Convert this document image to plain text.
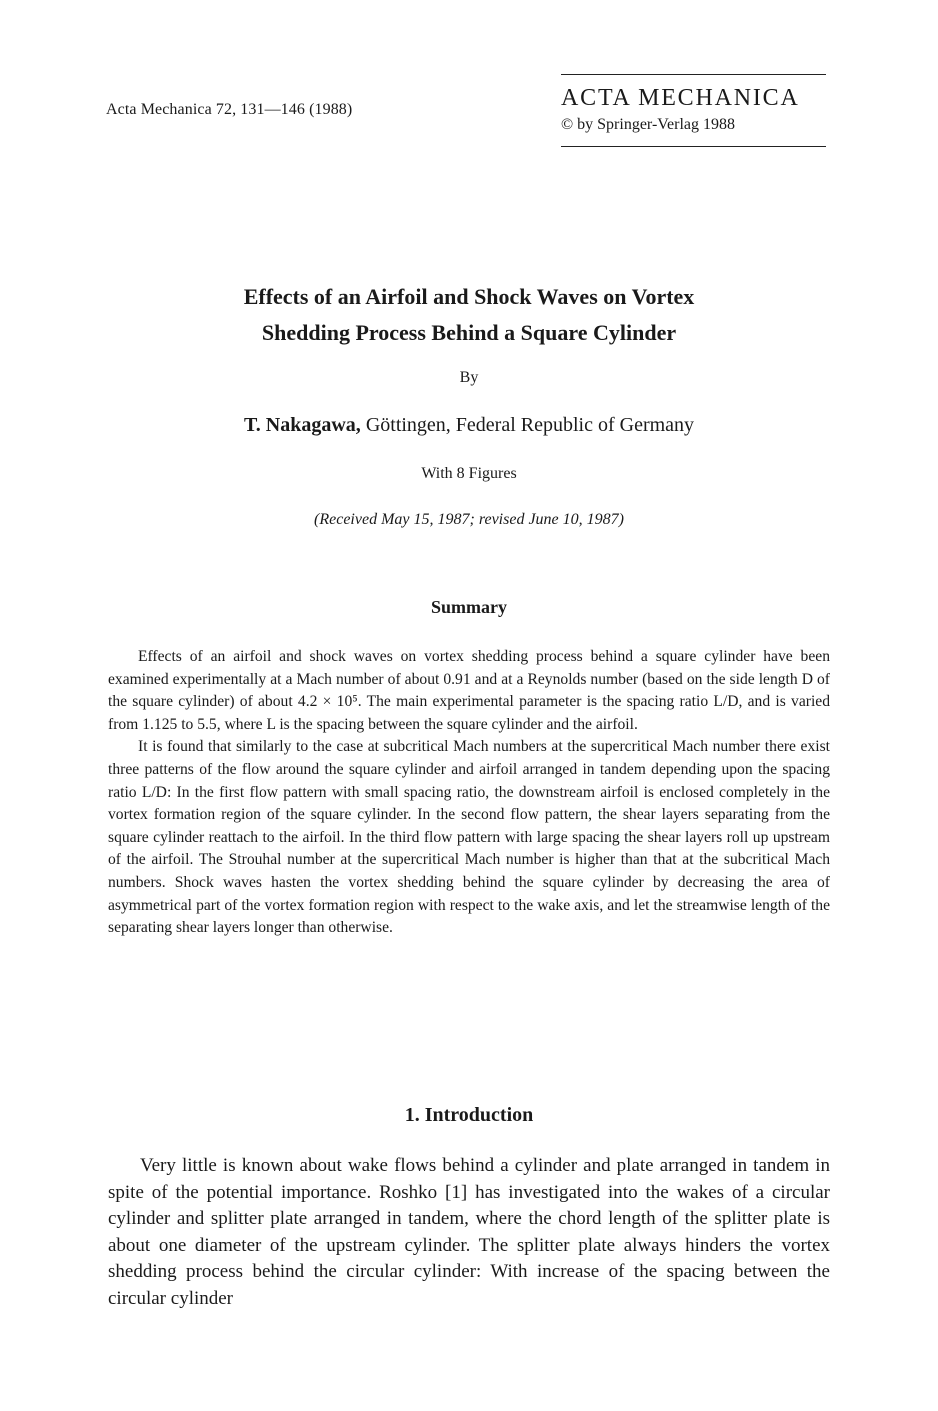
Acta Mechanica 72, 131—146 (1988)	ACTA MECHANICA
© by Springer-Verlag 1988
Effects of an Airfoil and Shock Waves on Vortex
Shedding Process Behind a Square Cylinder
By
T. Nakagawa, Göttingen, Federal Republic of Germany
With 8 Figures
(Received May 15, 1987; revised June 10, 1987)
Summary

Effects of an airfoil and shock waves on vortex shedding process behind a square cylinder have been examined experimentally at a Mach number of about 0.91 and at a Reynolds number (based on the side length D of the square cylinder) of about 4.2 × 10⁵. The main experimental parameter is the spacing ratio L/D, and is varied from 1.125 to 5.5, where L is the spacing between the square cylinder and the airfoil.

It is found that similarly to the case at subcritical Mach numbers at the supercritical Mach number there exist three patterns of the flow around the square cylinder and airfoil arranged in tandem depending upon the spacing ratio L/D: In the first flow pattern with small spacing ratio, the downstream airfoil is enclosed completely in the vortex formation region of the square cylinder. In the second flow pattern, the shear layers separating from the square cylinder reattach to the airfoil. In the third flow pattern with large spacing the shear layers roll up upstream of the airfoil. The Strouhal number at the supercritical Mach number is higher than that at the subcritical Mach numbers. Shock waves hasten the vortex shedding behind the square cylinder by decreasing the area of asymmetrical part of the vortex formation region with respect to the wake axis, and let the streamwise length of the separating shear layers longer than otherwise.

1. Introduction

Very little is known about wake flows behind a cylinder and plate arranged in tandem in spite of the potential importance. Roshko [1] has investigated into the wakes of a circular cylinder and splitter plate arranged in tandem, where the chord length of the splitter plate is about one diameter of the upstream cylinder. The splitter plate always hinders the vortex shedding process behind the circular cylinder: With increase of the spacing between the circular cylinder
